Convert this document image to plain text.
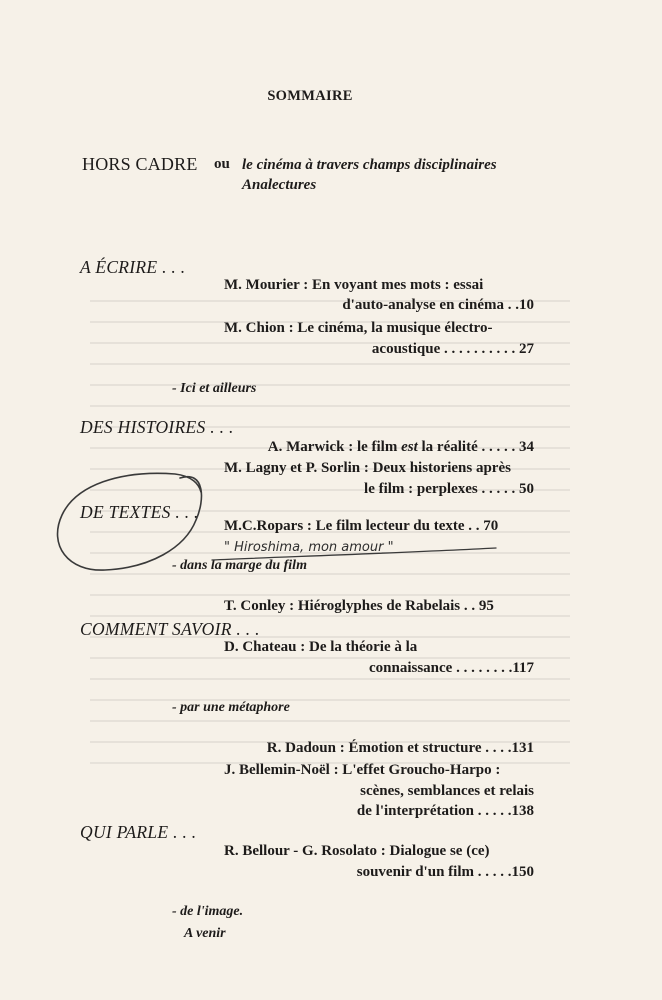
SOMMAIRE
HORS CADRE ou le cinéma à travers champs disciplinaires
Analectures
A ÉCRIRE . . .
M. Mourier : En voyant mes mots : essai
d'auto-analyse en cinéma . .10
M. Chion : Le cinéma, la musique électro-
acoustique . . . . . . . . . . 27
- Ici et ailleurs
DES HISTOIRES . . .
A. Marwick : le film est la réalité . . . . . 34
M. Lagny et P. Sorlin : Deux historiens après
le film : perplexes . . . . . 50
DE TEXTES . . .
M.C.Ropars : Le film lecteur du texte . . 70
- dans la marge du film
T. Conley : Hiéroglyphes de Rabelais . . 95
COMMENT SAVOIR . . .
D. Chateau : De la théorie à la
connaissance . . . . . . . .117
- par une métaphore
R. Dadoun : Émotion et structure . . . .131
J. Bellemin-Noël : L'effet Groucho-Harpo :
scènes, semblances et relais
de l'interprétation . . . . .138
QUI PARLE . . .
R. Bellour - G. Rosolato : Dialogue se (ce)
souvenir d'un film . . . . .150
- de l'image.
A venir
" Hiroshima, mon amour "
